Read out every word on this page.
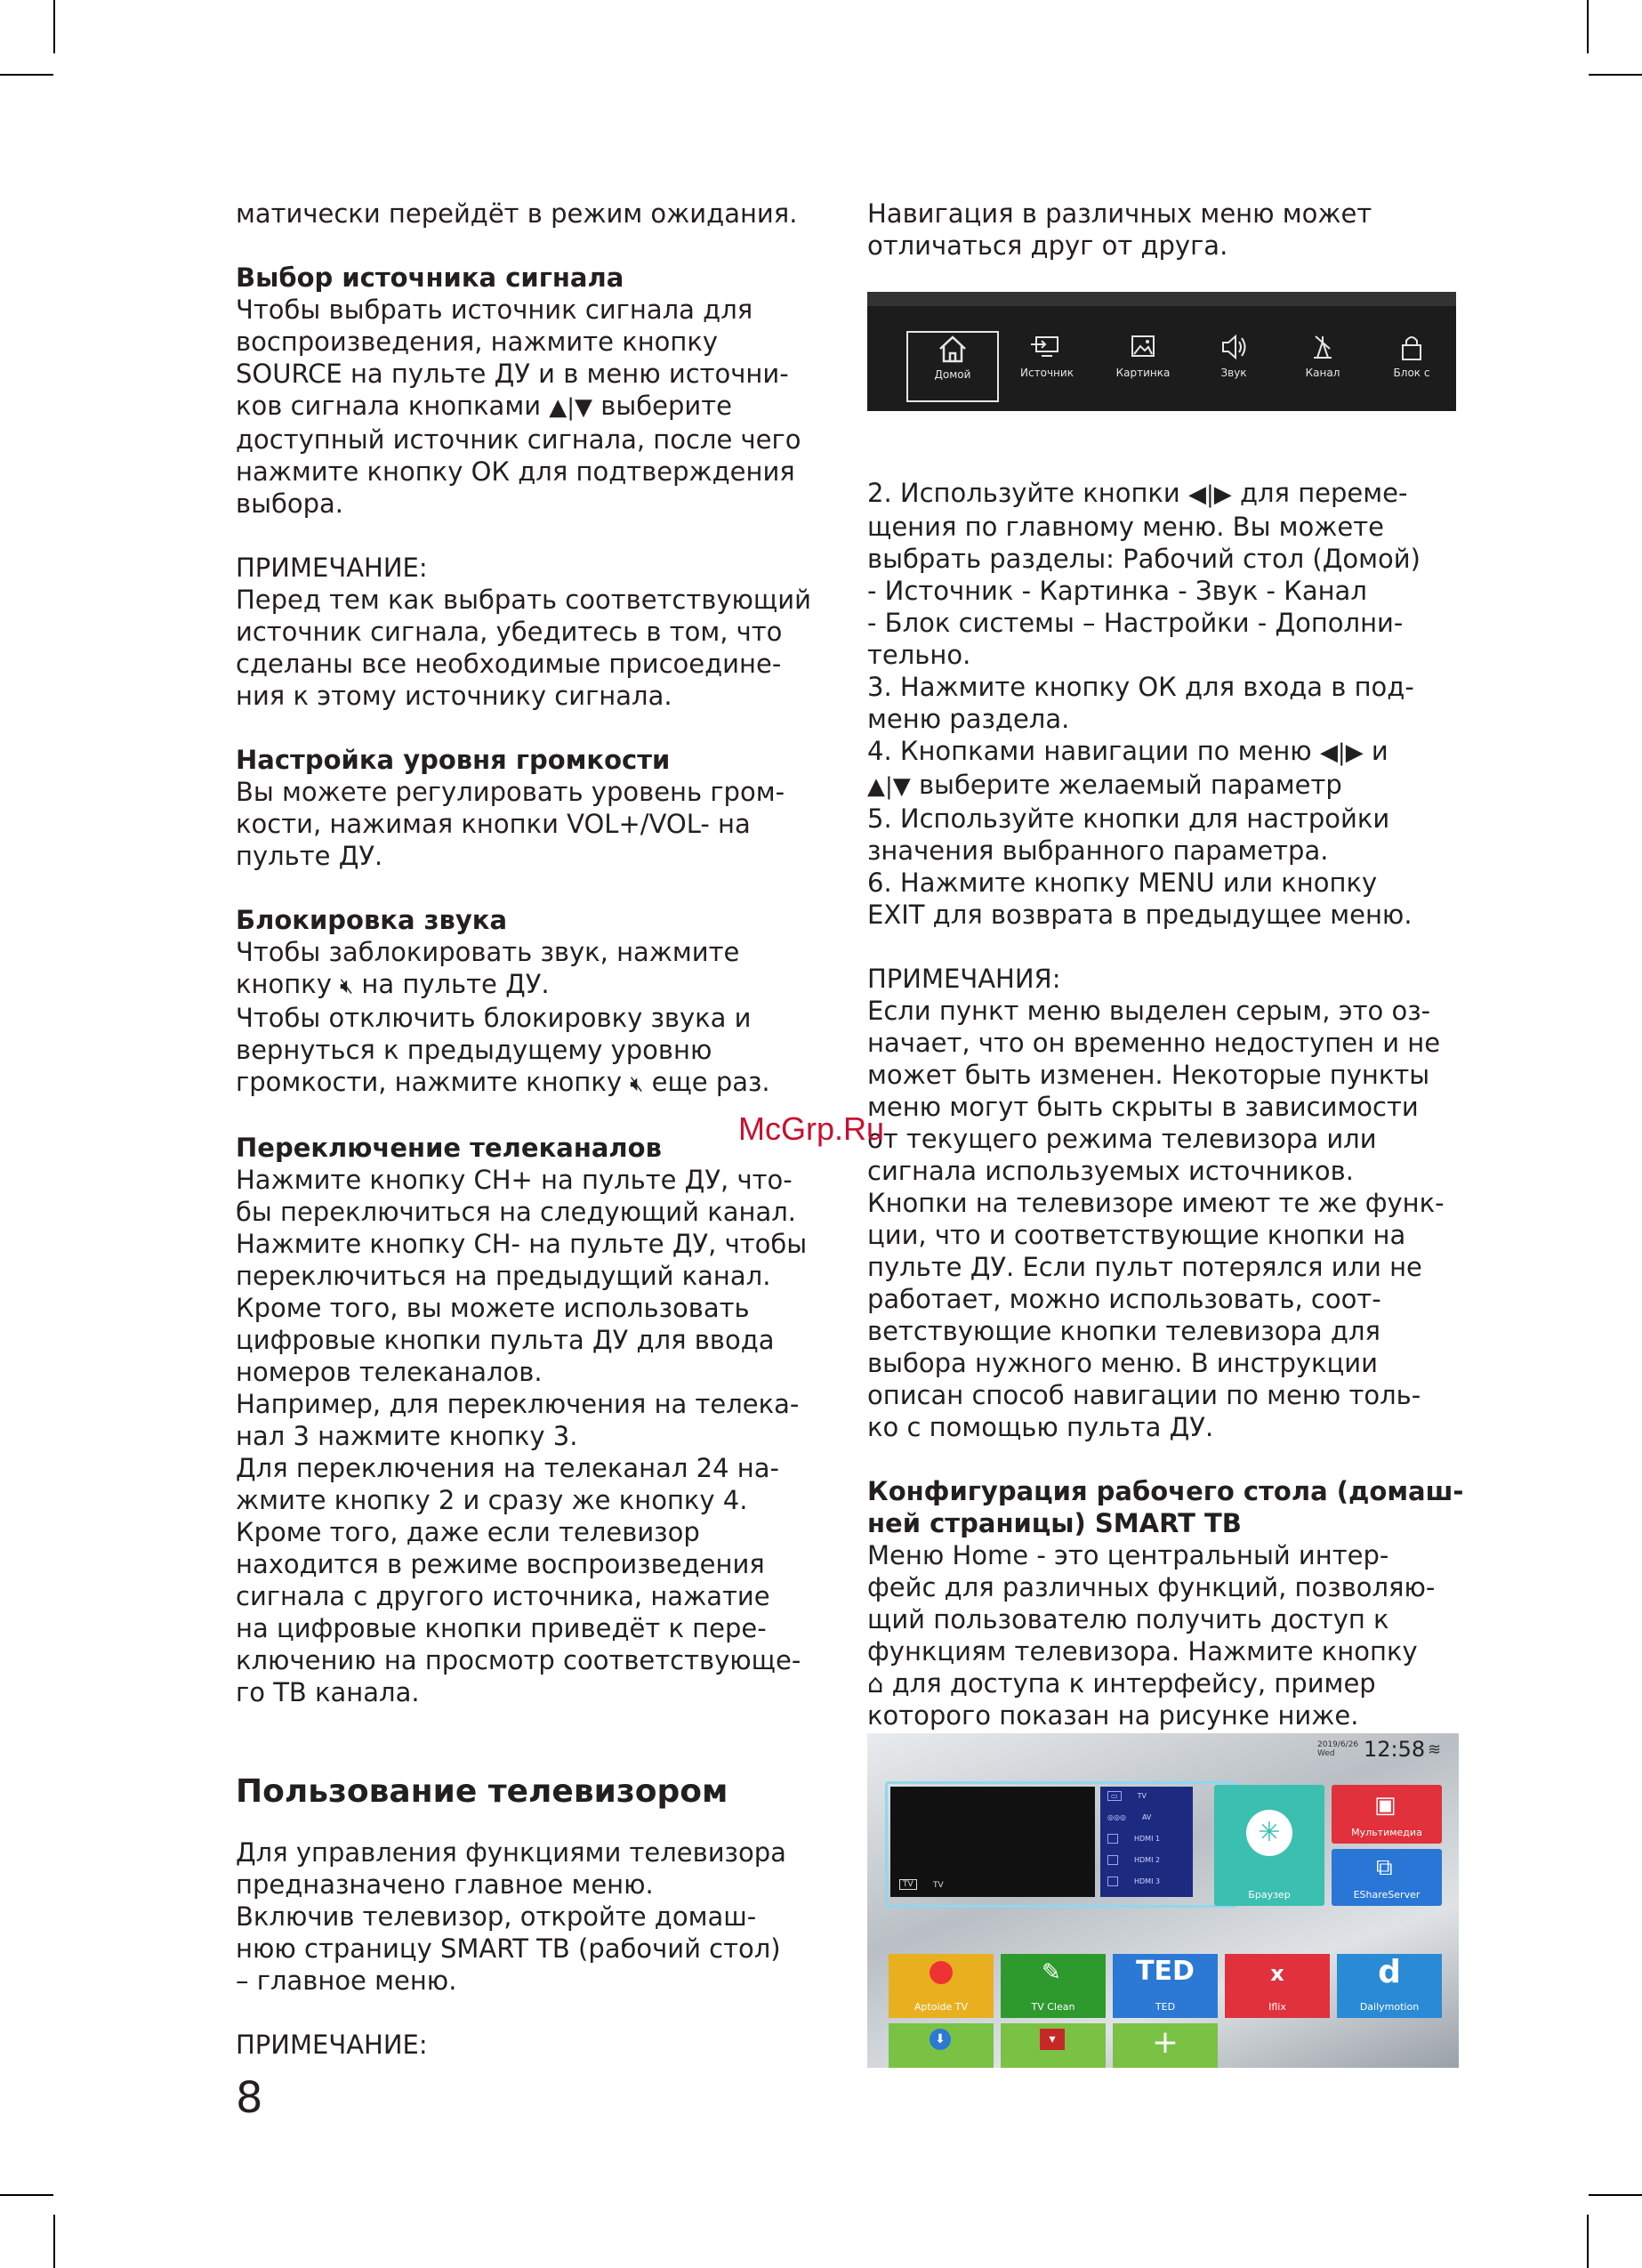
матически перейдёт в режим ожидания.

Выбор источника сигнала

Чтобы выбрать источник сигнала для

воспроизведения, нажмите кнопку

SOURCE на пульте ДУ и в меню источни-

ков сигнала кнопками ▲|▼ выберите

доступный источник сигнала, после чего

нажмите кнопку ОК для подтверждения

выбора.

ПРИМЕЧАНИЕ:

Перед тем как выбрать соответствующий

источник сигнала, убедитесь в том, что

сделаны все необходимые присоедине-

ния к этому источнику сигнала.

Настройка уровня громкости

Вы можете регулировать уровень гром-

кости, нажимая кнопки VOL+/VOL- на

пульте ДУ.

Блокировка звука

Чтобы заблокировать звук, нажмите

кнопку 🔇︎ на пульте ДУ.

Чтобы отключить блокировку звука и

вернуться к предыдущему уровню

громкости, нажмите кнопку 🔇︎ еще раз.

Переключение телеканалов

Нажмите кнопку CH+ на пульте ДУ, что-

бы переключиться на следующий канал.

Нажмите кнопку CH- на пульте ДУ, чтобы

переключиться на предыдущий канал.

Кроме того, вы можете использовать

цифровые кнопки пульта ДУ для ввода

номеров телеканалов.

Например, для переключения на телека-

нал 3 нажмите кнопку 3.

Для переключения на телеканал 24 на-

жмите кнопку 2 и сразу же кнопку 4.

Кроме того, даже если телевизор

находится в режиме воспроизведения

сигнала с другого источника, нажатие

на цифровые кнопки приведёт к пере-

ключению на просмотр соответствующе-

го ТВ канала.

Пользование телевизором

Для управления функциями телевизора

предназначено главное меню.

Включив телевизор, откройте домаш-

нюю страницу SMART TB (рабочий стол)

– главное меню.

ПРИМЕЧАНИЕ:

Навигация в различных меню может

отличаться друг от друга.

2. Используйте кнопки ◀|▶ для переме-

щения по главному меню. Вы можете

выбрать разделы: Рабочий стол (Домой)

- Источник - Картинка - Звук - Канал

- Блок системы – Настройки - Дополни-

тельно.

3. Нажмите кнопку ОК для входа в под-

меню раздела.

4. Кнопками навигации по меню ◀|▶ и

▲|▼ выберите желаемый параметр

5. Используйте кнопки для настройки

значения выбранного параметра.

6. Нажмите кнопку MENU или кнопку

EXIT для возврата в предыдущее меню.

ПРИМЕЧАНИЯ:

Если пункт меню выделен серым, это оз-

начает, что он временно недоступен и не

может быть изменен. Некоторые пункты

меню могут быть скрыты в зависимости

от текущего режима телевизора или

сигнала используемых источников.

Кнопки на телевизоре имеют те же функ-

ции, что и соответствующие кнопки на

пульте ДУ. Если пульт потерялся или не

работает, можно использовать, соот-

ветствующие кнопки телевизора для

выбора нужного меню. В инструкции

описан способ навигации по меню толь-

ко с помощью пульта ДУ.

Конфигурация рабочего стола (домаш-

ней страницы) SMART TB

Меню Home - это центральный интер-

фейс для различных функций, позволяю-

щий пользователю получить доступ к

функциям телевизора. Нажмите кнопку

⌂ для доступа к интерфейсу, пример

которого показан на рисунке ниже.

Домой	Источник	Картинка	Звук	Канал	Блок с
2019/6/26
Wed	12:58 ≋
TV	TV
▭	TV
◎◎◎ AV
HDMI 1
HDMI 2
HDMI 3
✳
Браузер
▣
Мультимедиа
⧉
EShareServer
Aptoide TV
✎
TV Clean
TED
TED
x
Iflix
d
Dailymotion
⬇	▾	+
McGrp.Ru
8
